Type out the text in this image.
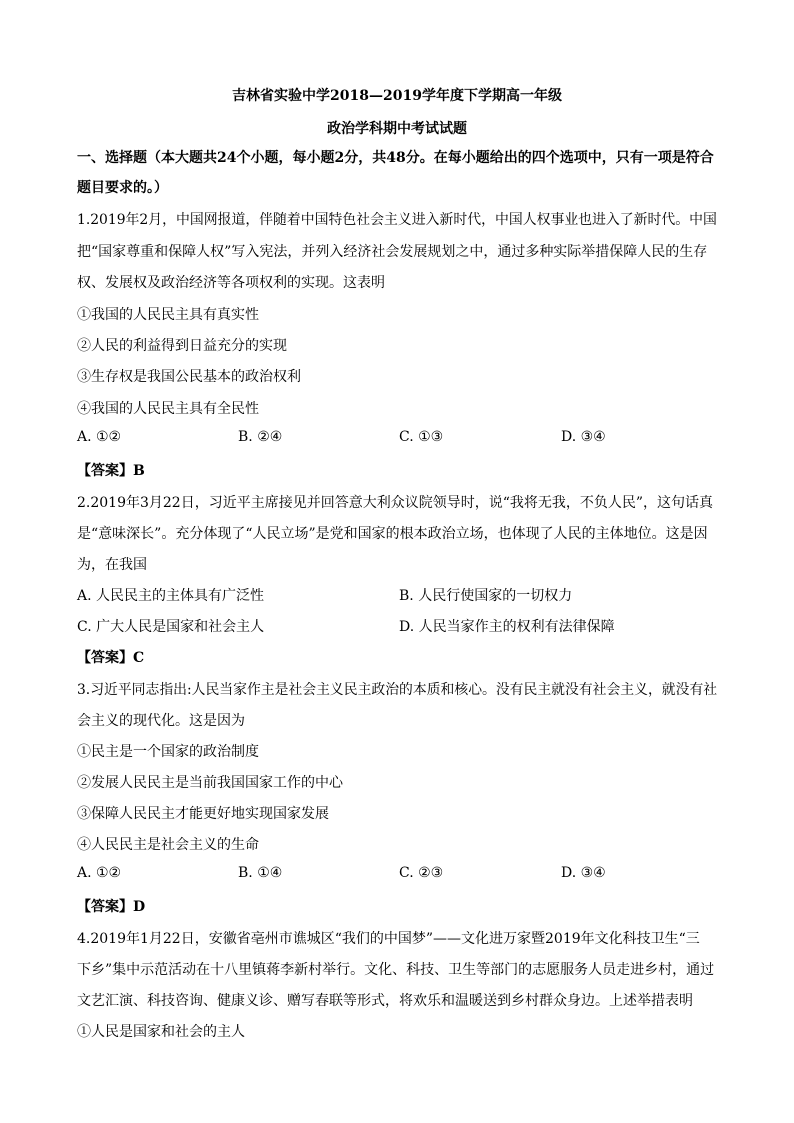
吉林省实验中学2018—2019学年度下学期高一年级
政治学科期中考试试题
一、选择题（本大题共24个小题，每小题2分，共48分。在每小题给出的四个选项中，只有一项是符合
题目要求的。）
1.2019年2月，中国网报道，伴随着中国特色社会主义进入新时代，中国人权事业也进入了新时代。中国
把“国家尊重和保障人权”写入宪法，并列入经济社会发展规划之中，通过多种实际举措保障人民的生存
权、发展权及政治经济等各项权利的实现。这表明
①我国的人民民主具有真实性
②人民的利益得到日益充分的实现
③生存权是我国公民基本的政治权利
④我国的人民民主具有全民性
A. ①②	B. ②④	C. ①③	D. ③④
【答案】B
2.2019年3月22日，习近平主席接见并回答意大利众议院领导时，说“我将无我，不负人民”，这句话真
是“意味深长”。充分体现了“人民立场”是党和国家的根本政治立场，也体现了人民的主体地位。这是因
为，在我国
A. 人民民主的主体具有广泛性	B. 人民行使国家的一切权力
C. 广大人民是国家和社会主人	D. 人民当家作主的权利有法律保障
【答案】C
3.习近平同志指出:人民当家作主是社会主义民主政治的本质和核心。没有民主就没有社会主义，就没有社
会主义的现代化。这是因为
①民主是一个国家的政治制度
②发展人民民主是当前我国国家工作的中心
③保障人民民主才能更好地实现国家发展
④人民民主是社会主义的生命
A. ①②	B. ①④	C. ②③	D. ③④
【答案】D
4.2019年1月22日，安徽省亳州市谯城区“我们的中国梦”——文化进万家暨2019年文化科技卫生“三
下乡”集中示范活动在十八里镇蒋李新村举行。文化、科技、卫生等部门的志愿服务人员走进乡村，通过
文艺汇演、科技咨询、健康义诊、赠写春联等形式，将欢乐和温暖送到乡村群众身边。上述举措表明
①人民是国家和社会的主人
